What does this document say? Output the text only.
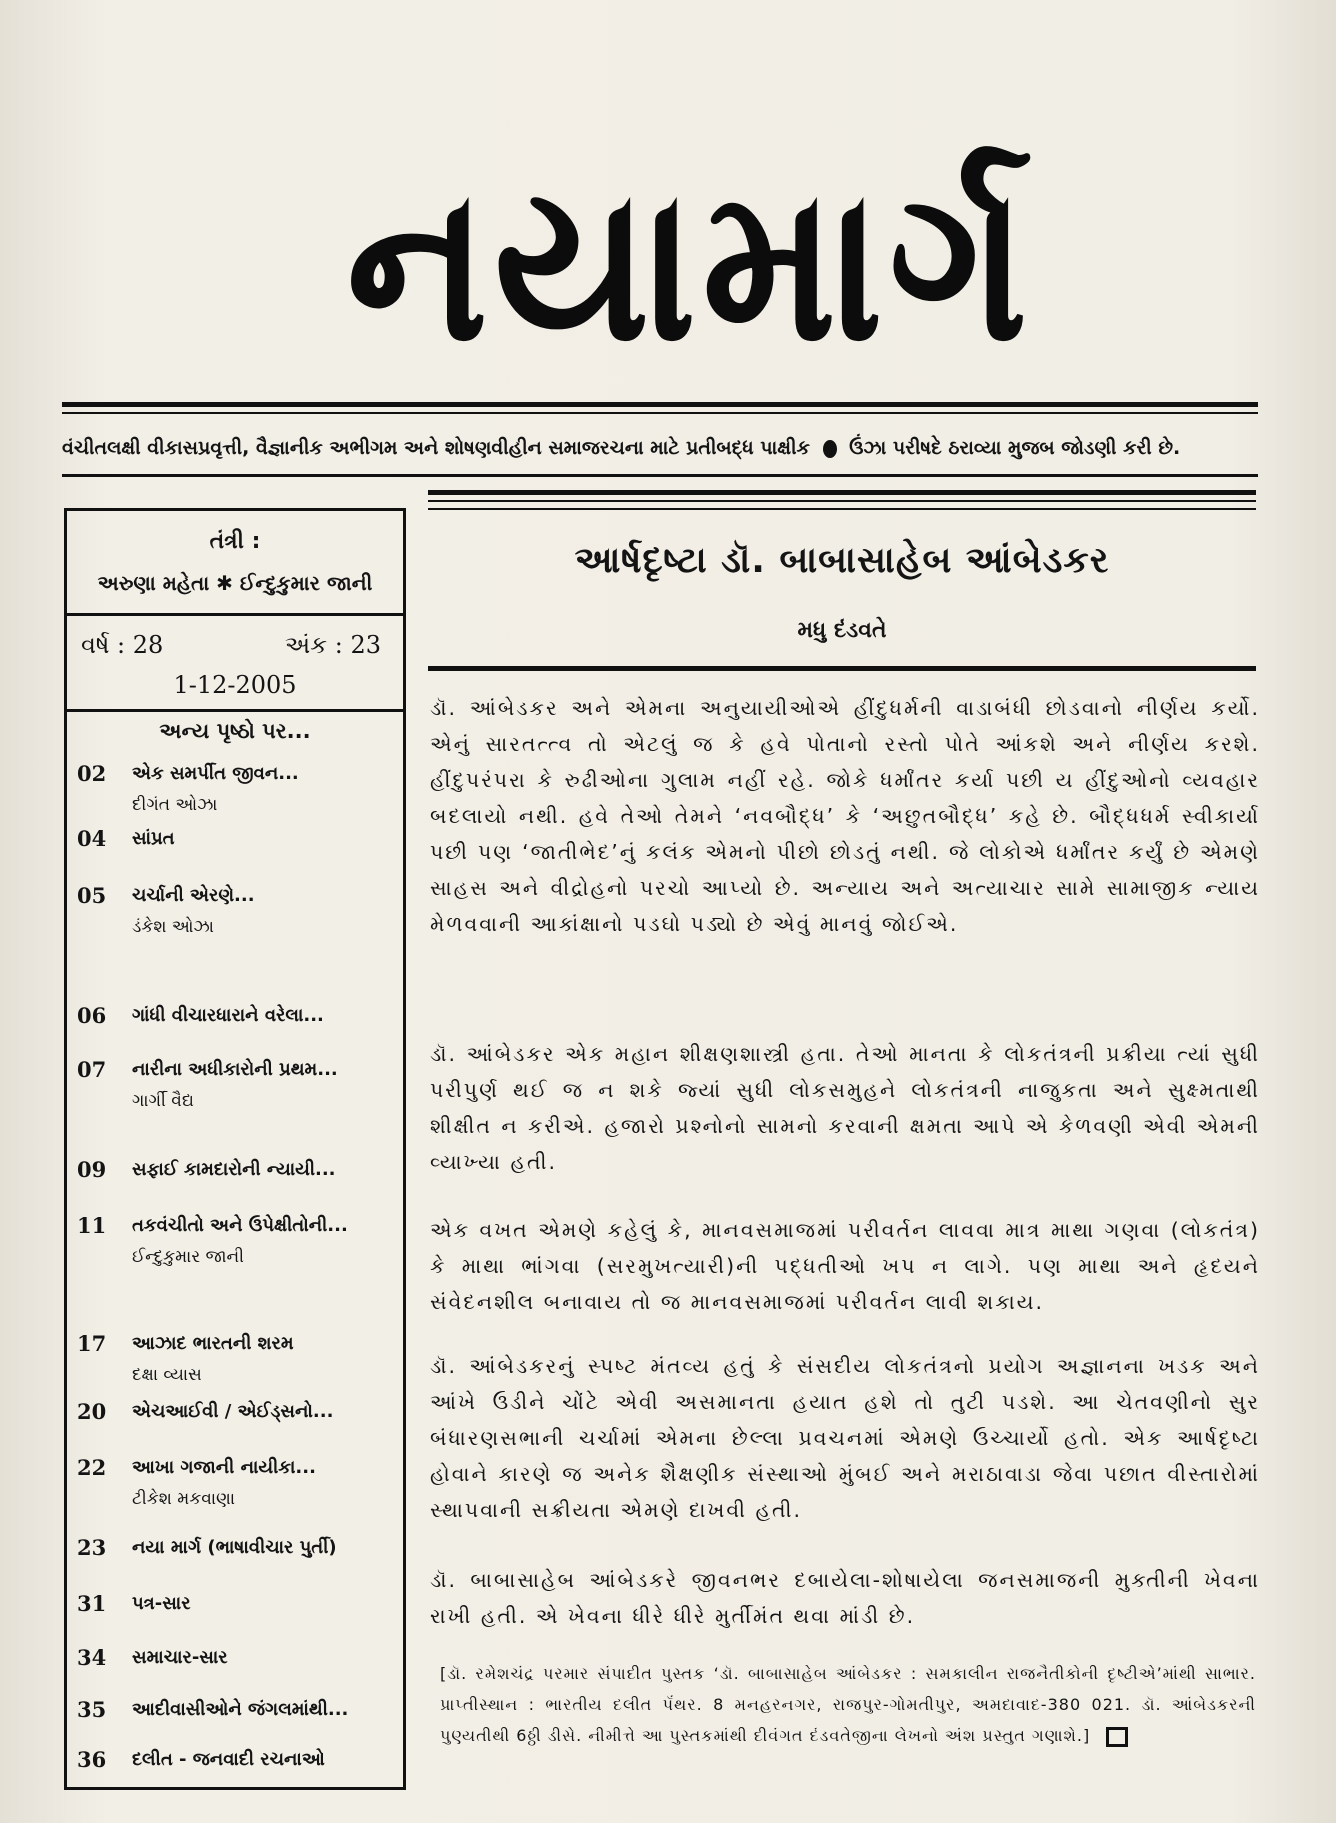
નયામાર્ગ
વંચીતલક્ષી વીકાસપ્રવૃત્તી, વૈજ્ઞાનીક અભીગમ અને શોષણવીહીન સમાજરચના માટે પ્રતીબદ્ધ પાક્ષીક ઉંઝા પરીષદે ઠરાવ્યા મુજબ જોડણી કરી છે.
તંત્રી :
અરુણા મહેતા ✱ ઈન્દુકુમાર જાની
વર્ષ : 28	અંક : 23
1-12-2005
અન્ય પૃષ્ઠો પર...
02	એક સમર્પીત જીવન...
દીગંત ઓઝા
04	સાંપ્રત
05	ચર્ચાની એરણે...
ડંકેશ ઓઝા
06	ગાંધી વીચારધારાને વરેલા...
07	નારીના અધીકારોની પ્રથમ...
ગાર્ગી વૈદ્ય
09	સફાઈ કામદારોની ન્યાયી...
11	તકવંચીતો અને ઉપેક્ષીતોની...
ઈન્દુકુમાર જાની
17	આઝાદ ભારતની શરમ
દક્ષા વ્યાસ
20	એચઆઈવી / એઈડ્સનો...
22	આખા ગજાની નાયીકા...
ટીકેશ મકવાણા
23	નયા માર્ગ (ભાષાવીચાર પુર્તી)
31	પત્ર-સાર
34	સમાચાર-સાર
35	આદીવાસીઓને જંગલમાંથી...
36	દલીત - જનવાદી રચનાઓ
આર્ષદૃષ્ટા ડૉ. બાબાસાહેબ આંબેડકર
મધુ દંડવતે
ડૉ. આંબેડકર અને એમના અનુયાયીઓએ હીંદુધર્મની વાડાબંધી છોડવાનો નીર્ણય કર્યો. એનું સારતત્ત્વ તો એટલું જ કે હવે પોતાનો રસ્તો પોતે આંકશે અને નીર્ણય કરશે. હીંદુપરંપરા કે રુઢીઓના ગુલામ નહીં રહે. જોકે ધર્માંતર કર્યા પછી ય હીંદુઓનો વ્યવહાર બદલાયો નથી. હવે તેઓ તેમને ‘નવબૌદ્ધ’ કે ‘અછુતબૌદ્ધ’ કહે છે. બૌદ્ધધર્મ સ્વીકાર્યા પછી પણ ‘જાતીભેદ’નું કલંક એમનો પીછો છોડતું નથી. જે લોકોએ ધર્માંતર કર્યું છે એમણે સાહસ અને વીદ્રોહનો પરચો આપ્યો છે. અન્યાય અને અત્યાચાર સામે સામાજીક ન્યાય મેળવવાની આકાંક્ષાનો પડઘો પડ્યો છે એવું માનવું જોઈએ.
ડૉ. આંબેડકર એક મહાન શીક્ષણશાસ્ત્રી હતા. તેઓ માનતા કે લોકતંત્રની પ્રક્રીયા ત્યાં સુધી પરીપુર્ણ થઈ જ ન શકે જ્યાં સુધી લોકસમુહને લોકતંત્રની નાજુકતા અને સુક્ષ્મતાથી શીક્ષીત ન કરીએ. હજારો પ્રશ્નોનો સામનો કરવાની ક્ષમતા આપે એ કેળવણી એવી એમની વ્યાખ્યા હતી.
એક વખત એમણે કહેલું કે, માનવસમાજમાં પરીવર્તન લાવવા માત્ર માથા ગણવા (લોકતંત્ર) કે માથા ભાંગવા (સરમુખત્યારી)ની પદ્ધતીઓ ખપ ન લાગે. પણ માથા અને હૃદયને સંવેદનશીલ બનાવાય તો જ માનવસમાજમાં પરીવર્તન લાવી શકાય.
ડૉ. આંબેડકરનું સ્પષ્ટ મંતવ્ય હતું કે સંસદીય લોકતંત્રનો પ્રયોગ અજ્ઞાનના ખડક અને આંખે ઉડીને ચોંટે એવી અસમાનતા હયાત હશે તો તુટી પડશે. આ ચેતવણીનો સુર બંધારણસભાની ચર્ચામાં એમના છેલ્લા પ્રવચનમાં એમણે ઉચ્ચાર્યો હતો. એક આર્ષદૃષ્ટા હોવાને કારણે જ અનેક શૈક્ષણીક સંસ્થાઓ મુંબઈ અને મરાઠાવાડા જેવા પછાત વીસ્તારોમાં સ્થાપવાની સક્રીયતા એમણે દાખવી હતી.
ડૉ. બાબાસાહેબ આંબેડકરે જીવનભર દબાયેલા-શોષાયેલા જનસમાજની મુક્તીની ખેવના રાખી હતી. એ ખેવના ધીરે ધીરે મુર્તીમંત થવા માંડી છે.
[ડૉ. રમેશચંદ્ર પરમાર સંપાદીત પુસ્તક ‘ડૉ. બાબાસાહેબ આંબેડકર : સમકાલીન રાજનૈતીકોની દૃષ્ટીએ’માંથી સાભાર. પ્રાપ્તીસ્થાન : ભારતીય દલીત પૅંથર. 8 મનહરનગર, રાજપુર-ગોમતીપુર, અમદાવાદ-380 021. ડૉ. આંબેડકરની પુણ્યતીથી 6ઠ્ઠી ડીસે. નીમીત્તે આ પુસ્તકમાંથી દીવંગત દંડવતેજીના લેખનો અંશ પ્રસ્તુત ગણાશે.]
